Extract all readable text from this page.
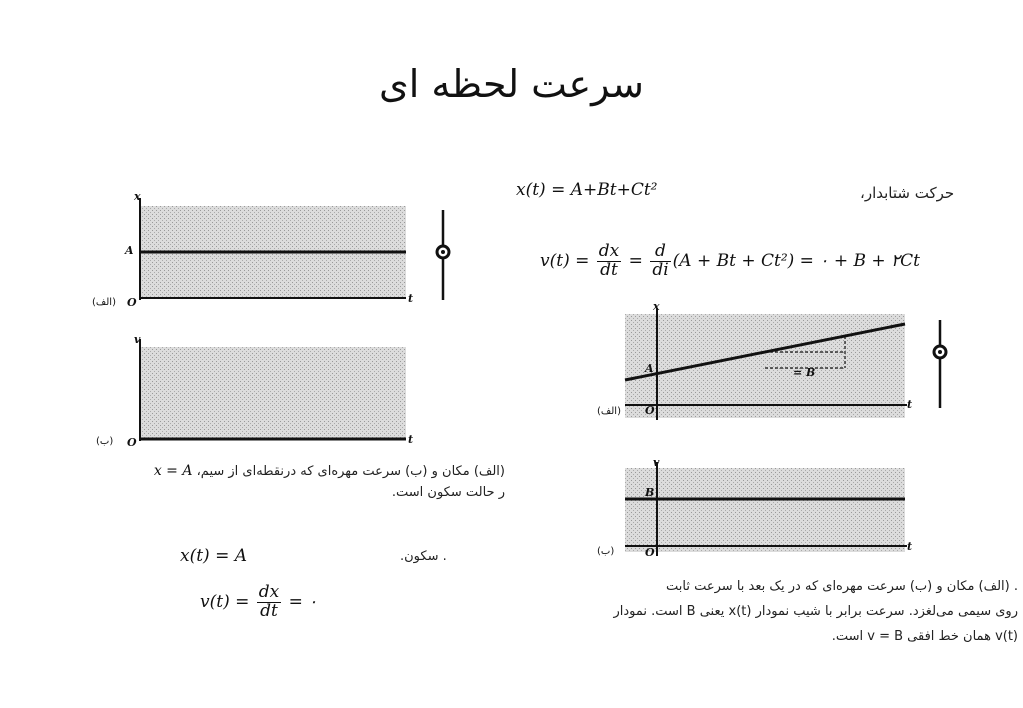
سرعت لحظه ای
x
t
A
O
(الف)
v
t
O
(ب)
(الف) مکان و (ب) سرعت مهره‌ای که درنقطه‌ای از سیم، x = A
ر حالت سکون است.
x(t) = A	. سکون.
$v(t) = \frac{dx}{dt}$ = ۰
x(t) = A+Bt+Ct²	حرکت شتابدار،
$v(t) = \frac{dx}{dt} = \frac{d}{di} (A + Bt + Ct^2)$ = ۰ + B + ۲Ct
x
t
A	= B
O
(الف)
v
t
B
O
(ب)
. (الف) مکان و (ب) سرعت مهره‌ای که در یک بعد با سرعت ثابت
روی سیمی می‌لغزد. سرعت برابر با شیب نمودار x(t) یعنی B است. نمودار
v(t) همان خط افقی v = B است.
